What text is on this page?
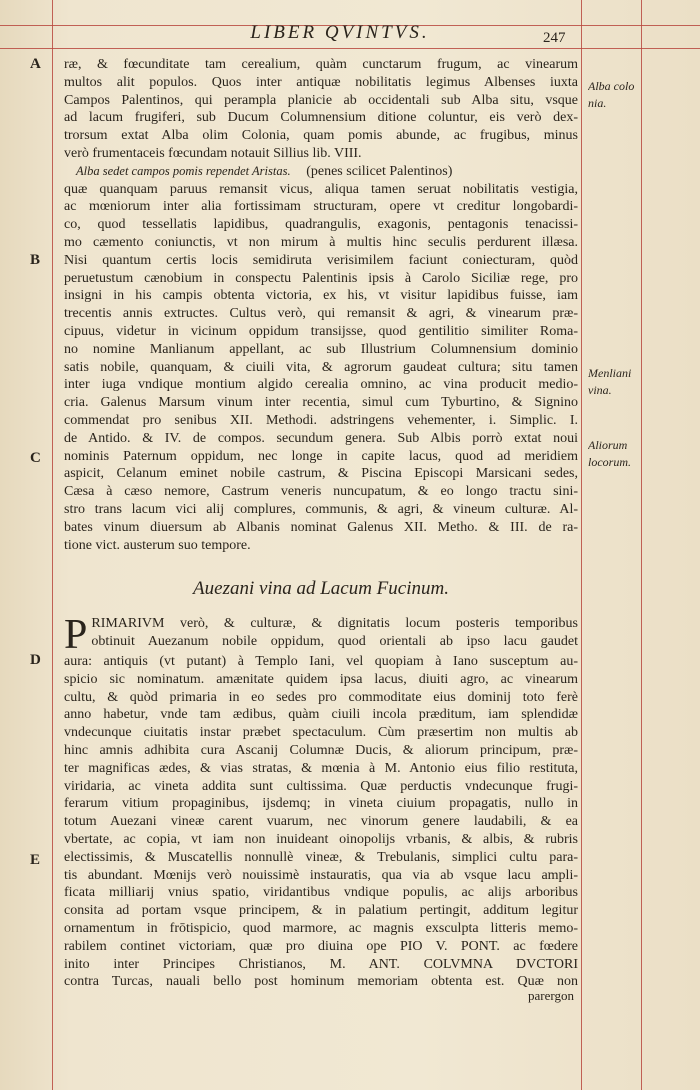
LIBER QVINTVS.	247
A
B
C
D
E
Alba colo
nia.
Menliani
vina.
Aliorum
locorum.
ræ, & fœcunditate tam cerealium, quàm cunctarum frugum, ac vinearum
multos alit populos. Quos inter antiquæ nobilitatis legimus Albenses iuxta
Campos Palentinos, qui perampla planicie ab occidentali sub Alba situ, vsque
ad lacum frugiferi, sub Ducum Columnensium ditione coluntur, eis verò dex-
trorsum extat Alba olim Colonia, quam pomis abunde, ac frugibus, minus
verò frumentaceis fœcundam notauit Sillius lib. VIII.
Alba sedet campos pomis rependet Aristas. (penes scilicet Palentinos)
quæ quanquam paruus remansit vicus, aliqua tamen seruat nobilitatis vestigia,
ac mœniorum inter alia fortissimam structuram, opere vt creditur longobardi-
co, quod tessellatis lapidibus, quadrangulis, exagonis, pentagonis tenacissi-
mo cæmento coniunctis, vt non mirum à multis hinc seculis perdurent illæsa.
Nisi quantum certis locis semidiruta verisimilem faciunt coniecturam, quòd
peruetustum cænobium in conspectu Palentinis ipsis à Carolo Siciliæ rege, pro
insigni in his campis obtenta victoria, ex his, vt visitur lapidibus fuisse, iam
trecentis annis extructes. Cultus verò, qui remansit & agri, & vinearum præ-
cipuus, videtur in vicinum oppidum transijsse, quod gentilitio similiter Roma-
no nomine Manlianum appellant, ac sub Illustrium Columnensium dominio
satis nobile, quanquam, & ciuili vita, & agrorum gaudeat cultura; situ tamen
inter iuga vndique montium algido cerealia omnino, ac vina producit medio-
cria. Galenus Marsum vinum inter recentia, simul cum Tyburtino, & Signino
commendat pro senibus XII. Methodi. adstringens vehementer, i. Simplic. I.
de Antido. & IV. de compos. secundum genera. Sub Albis porrò extat noui
nominis Paternum oppidum, nec longe in capite lacus, quod ad meridiem
aspicit, Celanum eminet nobile castrum, & Piscina Episcopi Marsicani sedes,
Cæsa à cæso nemore, Castrum veneris nuncupatum, & eo longo tractu sini-
stro trans lacum vici alij complures, communis, & agri, & vineum culturæ. Al-
bates vinum diuersum ab Albanis nominat Galenus XII. Metho. & III. de ra-
tione vict. austerum suo tempore.
Auezani vina ad Lacum Fucinum.
P RIMARIVM verò, & culturæ, & dignitatis locum posteris temporibus
obtinuit Auezanum nobile oppidum, quod orientali ab ipso lacu gaudet
aura: antiquis (vt putant) à Templo Iani, vel quopiam à Iano susceptum au-
spicio sic nominatum. amænitate quidem ipsa lacus, diuiti agro, ac vinearum
cultu, & quòd primaria in eo sedes pro commoditate eius dominij toto ferè
anno habetur, vnde tam ædibus, quàm ciuili incola præditum, iam splendidæ
vndecunque ciuitatis instar præbet spectaculum. Cùm præsertim non multis ab
hinc amnis adhibita cura Ascanij Columnæ Ducis, & aliorum principum, præ-
ter magnificas ædes, & vias stratas, & mœnia à M. Antonio eius filio restituta,
viridaria, ac vineta addita sunt cultissima. Quæ perductis vndecunque frugi-
ferarum vitium propaginibus, ijsdemq; in vineta ciuium propagatis, nullo in
totum Auezani vineæ carent vuarum, nec vinorum genere laudabili, & ea
vbertate, ac copia, vt iam non inuideant oinopolijs vrbanis, & albis, & rubris
electissimis, & Muscatellis nonnullè vineæ, & Trebulanis, simplici cultu para-
tis abundant. Mœnijs verò nouissimè instauratis, qua via ab vsque lacu ampli-
ficata milliarij vnius spatio, viridantibus vndique populis, ac alijs arboribus
consita ad portam vsque principem, & in palatium pertingit, additum legitur
ornamentum in frōtispicio, quod marmore, ac magnis exsculpta litteris memo-
rabilem continet victoriam, quæ pro diuina ope PIO V. PONT. ac fœdere
inito inter Principes Christianos, M. ANT. COLVMNA DVCTORI
contra Turcas, nauali bello post hominum memoriam obtenta est. Quæ non
parergon
